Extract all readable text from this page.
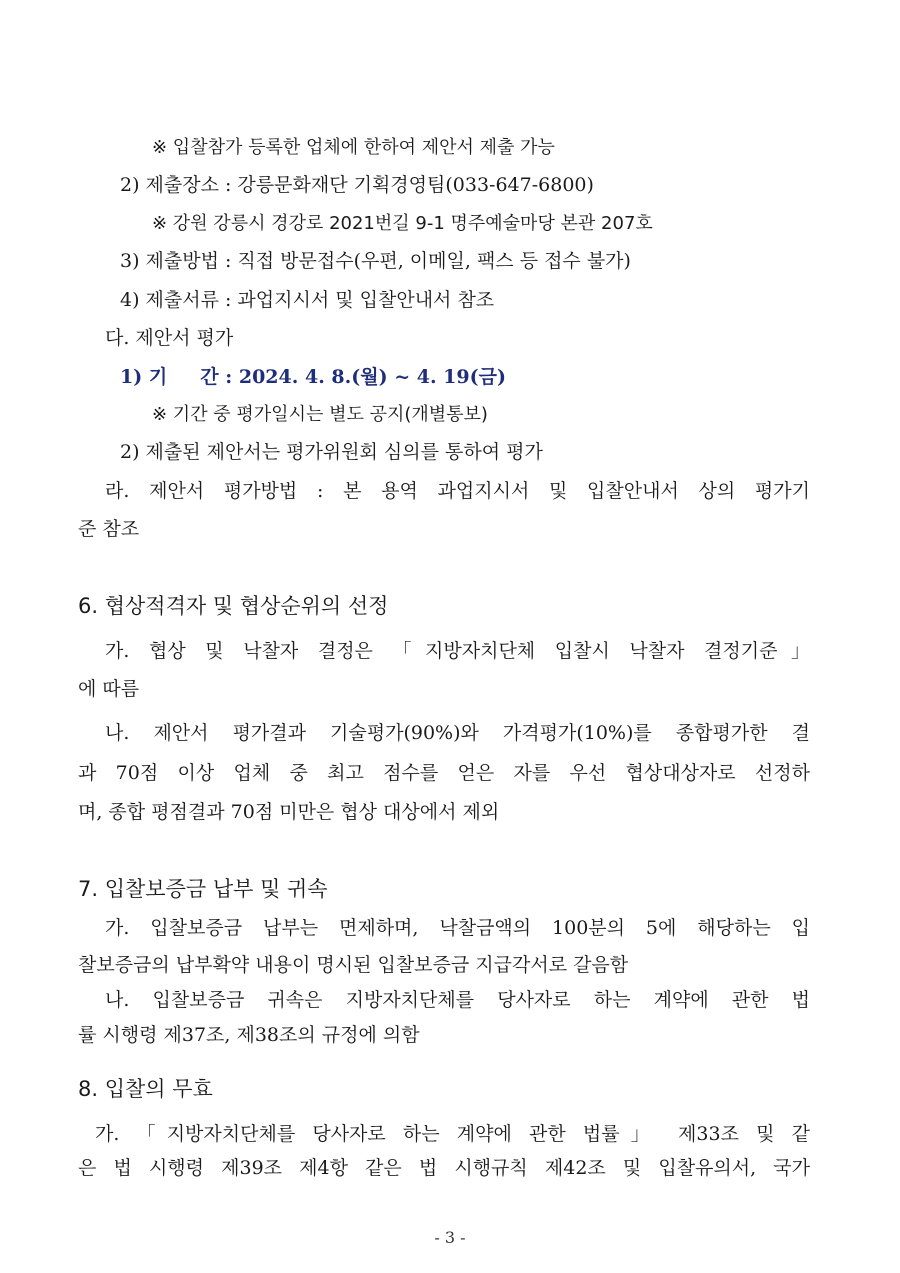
※ 입찰참가 등록한 업체에 한하여 제안서 제출 가능
2) 제출장소 : 강릉문화재단 기획경영팀(033-647-6800)
※ 강원 강릉시 경강로 2021번길 9-1 명주예술마당 본관 207호
3) 제출방법 : 직접 방문접수(우편, 이메일, 팩스 등 접수 불가)
4) 제출서류 : 과업지시서 및 입찰안내서 참조
다. 제안서 평가
1) 기     간 : 2024. 4. 8.(월) ~ 4. 19(금)
※ 기간 중 평가일시는 별도 공지(개별통보)
2) 제출된 제안서는 평가위원회 심의를 통하여 평가
라. 제안서 평가방법 : 본 용역 과업지시서 및 입찰안내서 상의 평가기
준 참조
6. 협상적격자 및 협상순위의 선정
가. 협상 및 낙찰자 결정은 「지방자치단체 입찰시 낙찰자 결정기준」
에 따름
나. 제안서 평가결과 기술평가(90%)와 가격평가(10%)를 종합평가한 결
과 70점 이상 업체 중 최고 점수를 얻은 자를 우선 협상대상자로 선정하
며, 종합 평점결과 70점 미만은 협상 대상에서 제외
7. 입찰보증금 납부 및 귀속
가. 입찰보증금 납부는 면제하며, 낙찰금액의 100분의 5에 해당하는 입
찰보증금의 납부확약 내용이 명시된 입찰보증금 지급각서로 갈음함
나. 입찰보증금 귀속은 지방자치단체를 당사자로 하는 계약에 관한 법
률 시행령 제37조, 제38조의 규정에 의함
8. 입찰의 무효
가. 「지방자치단체를 당사자로 하는 계약에 관한 법률」 제33조 및 같
은 법 시행령 제39조 제4항 같은 법 시행규칙 제42조 및 입찰유의서, 국가
- 3 -
